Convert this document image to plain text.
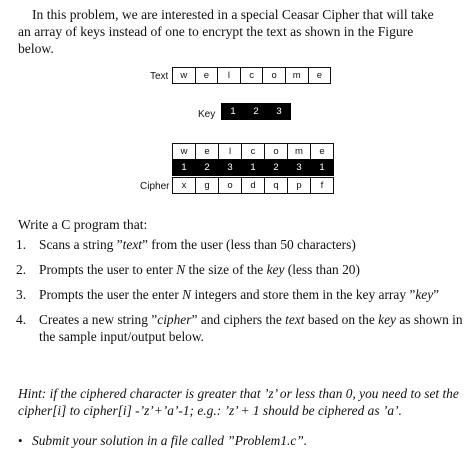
In this problem, we are interested in a special Ceasar Cipher that will take
an array of keys instead of one to encrypt the text as shown in the Figure
below.
Text	w	e	l	c	o	m	e
Key	1	2	3
w	e	l	c	o	m	e
1	2	3	1	2	3	1
Cipher	x	g	o	d	q	p	f

Write a C program that:

1. Scans a string ”text” from the user (less than 50 characters)
2. Prompts the user to enter N the size of the key (less than 20)
3. Prompts the user the enter N integers and store them in the key array ”key”
4. Creates a new string ”cipher” and ciphers the text based on the key as shown in the sample input/output below.

Hint: if the ciphered character is greater that ’z’ or less than 0, you need to set the cipher[i] to cipher[i] -’z’+’a’-1; e.g.: ’z’ + 1 should be ciphered as ’a’.

• Submit your solution in a file called ”Problem1.c”.
